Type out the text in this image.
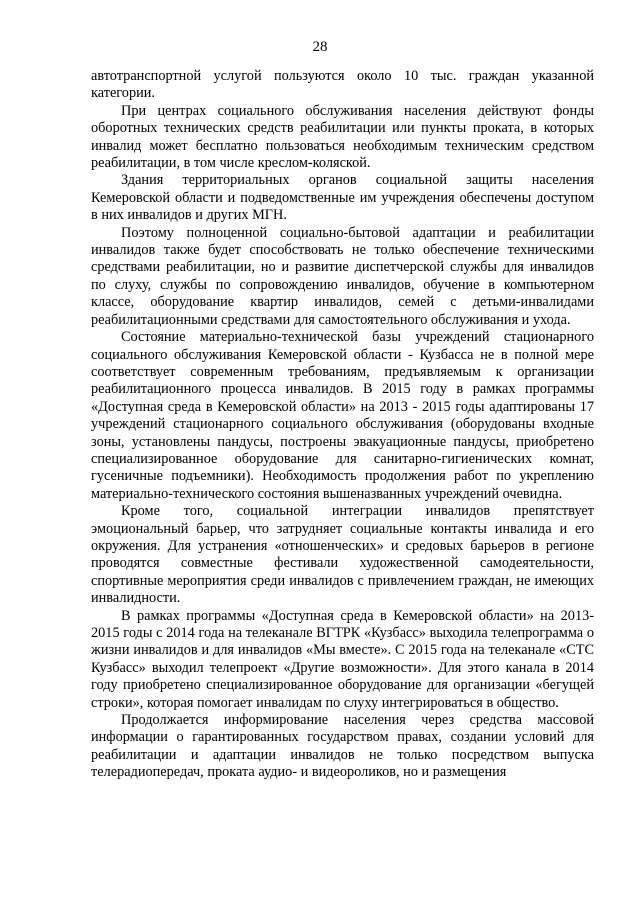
28

автотранспортной услугой пользуются около 10 тыс. граждан указанной категории.

При центрах социального обслуживания населения действуют фонды оборотных технических средств реабилитации или пункты проката, в которых инвалид может бесплатно пользоваться необходимым техническим средством реабилитации, в том числе креслом-коляской.

Здания территориальных органов социальной защиты населения Кемеровской области и подведомственные им учреждения обеспечены доступом в них инвалидов и других МГН.

Поэтому полноценной социально-бытовой адаптации и реабилитации инвалидов также будет способствовать не только обеспечение техническими средствами реабилитации, но и развитие диспетчерской службы для инвалидов по слуху, службы по сопровождению инвалидов, обучение в компьютерном классе, оборудование квартир инвалидов, семей с детьми-инвалидами реабилитационными средствами для самостоятельного обслуживания и ухода.

Состояние материально-технической базы учреждений стационарного социального обслуживания Кемеровской области - Кузбасса не в полной мере соответствует современным требованиям, предъявляемым к организации реабилитационного процесса инвалидов. В 2015 году в рамках программы «Доступная среда в Кемеровской области» на 2013 - 2015 годы адаптированы 17 учреждений стационарного социального обслуживания (оборудованы входные зоны, установлены пандусы, построены эвакуационные пандусы, приобретено специализированное оборудование для санитарно-гигиенических комнат, гусеничные подъемники). Необходимость продолжения работ по укреплению материально-технического состояния вышеназванных учреждений очевидна.

Кроме того, социальной интеграции инвалидов препятствует эмоциональный барьер, что затрудняет социальные контакты инвалида и его окружения. Для устранения «отношенческих» и средовых барьеров в регионе проводятся совместные фестивали художественной самодеятельности, спортивные мероприятия среди инвалидов с привлечением граждан, не имеющих инвалидности.

В рамках программы «Доступная среда в Кемеровской области» на 2013-2015 годы с 2014 года на телеканале ВГТРК «Кузбасс» выходила телепрограмма о жизни инвалидов и для инвалидов «Мы вместе». С 2015 года на телеканале «СТС Кузбасс» выходил телепроект «Другие возможности». Для этого канала в 2014 году приобретено специализированное оборудование для организации «бегущей строки», которая помогает инвалидам по слуху интегрироваться в общество.

Продолжается информирование населения через средства массовой информации о гарантированных государством правах, создании условий для реабилитации и адаптации инвалидов не только посредством выпуска телерадиопередач, проката аудио- и видеороликов, но и размещения
